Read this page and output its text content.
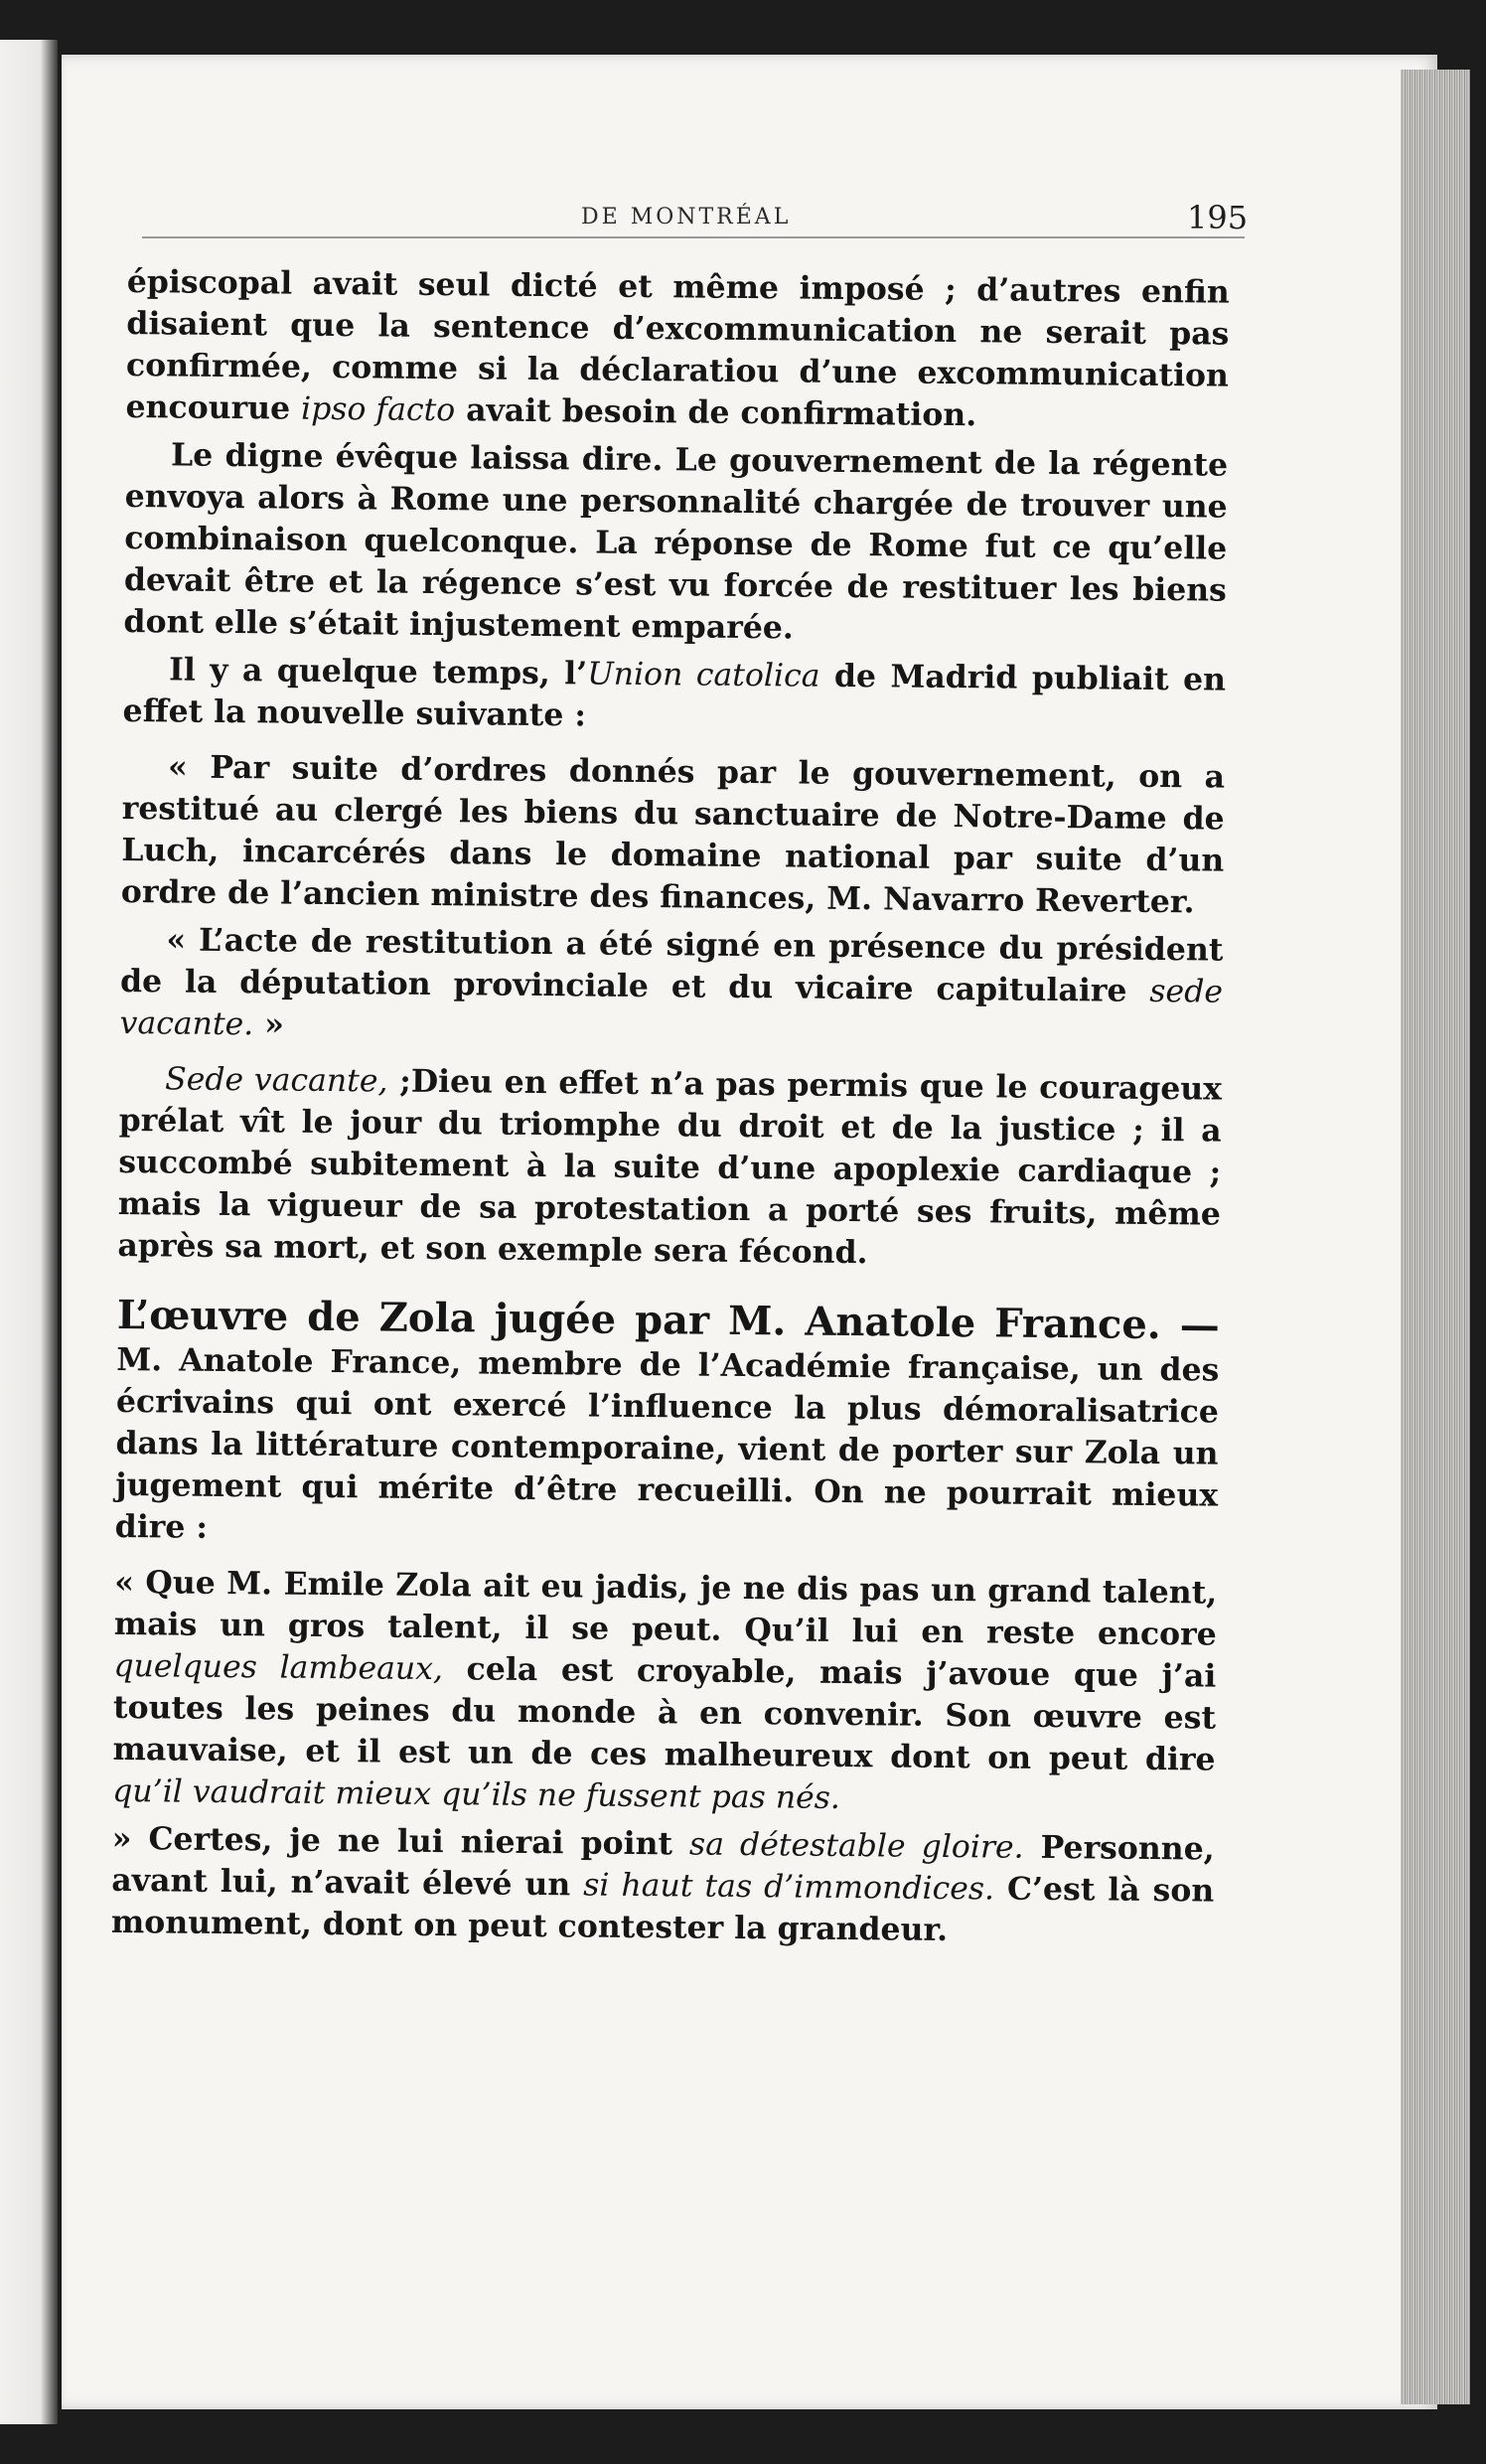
DE MONTRÉAL	195

épiscopal avait seul dicté et même imposé ; d’autres enfin disaient que la sentence d’excommunication ne serait pas confirmée, comme si la déclaratiou d’une excommunication encourue ipso facto avait besoin de confirmation.

Le digne évêque laissa dire. Le gouvernement de la régente envoya alors à Rome une personnalité chargée de trouver une combinaison quelconque. La réponse de Rome fut ce qu’elle devait être et la régence s’est vu forcée de restituer les biens dont elle s’était injustement emparée.

Il y a quelque temps, l’Union catolica de Madrid publiait en effet la nouvelle suivante :

« Par suite d’ordres donnés par le gouvernement, on a restitué au clergé les biens du sanctuaire de Notre-Dame de Luch, incarcérés dans le domaine national par suite d’un ordre de l’ancien ministre des finances, M. Navarro Reverter.

« L’acte de restitution a été signé en présence du président de la députation provinciale et du vicaire capitulaire sede vacante. »

Sede vacante, ;Dieu en effet n’a pas permis que le courageux prélat vît le jour du triomphe du droit et de la justice ; il a succombé subitement à la suite d’une apoplexie cardiaque ; mais la vigueur de sa protestation a porté ses fruits, même après sa mort, et son exemple sera fécond.

L’œuvre de Zola jugée par M. Anatole France. — M. Anatole France, membre de l’Académie française, un des écrivains qui ont exercé l’influence la plus démoralisatrice dans la littérature contemporaine, vient de porter sur Zola un jugement qui mérite d’être recueilli. On ne pourrait mieux dire :

« Que M. Emile Zola ait eu jadis, je ne dis pas un grand talent, mais un gros talent, il se peut. Qu’il lui en reste encore quelques lambeaux, cela est croyable, mais j’avoue que j’ai toutes les peines du monde à en convenir. Son œuvre est mauvaise, et il est un de ces malheureux dont on peut dire qu’il vaudrait mieux qu’ils ne fussent pas nés.

» Certes, je ne lui nierai point sa détestable gloire. Personne, avant lui, n’avait élevé un si haut tas d’immondices. C’est là son monument, dont on peut contester la grandeur.
